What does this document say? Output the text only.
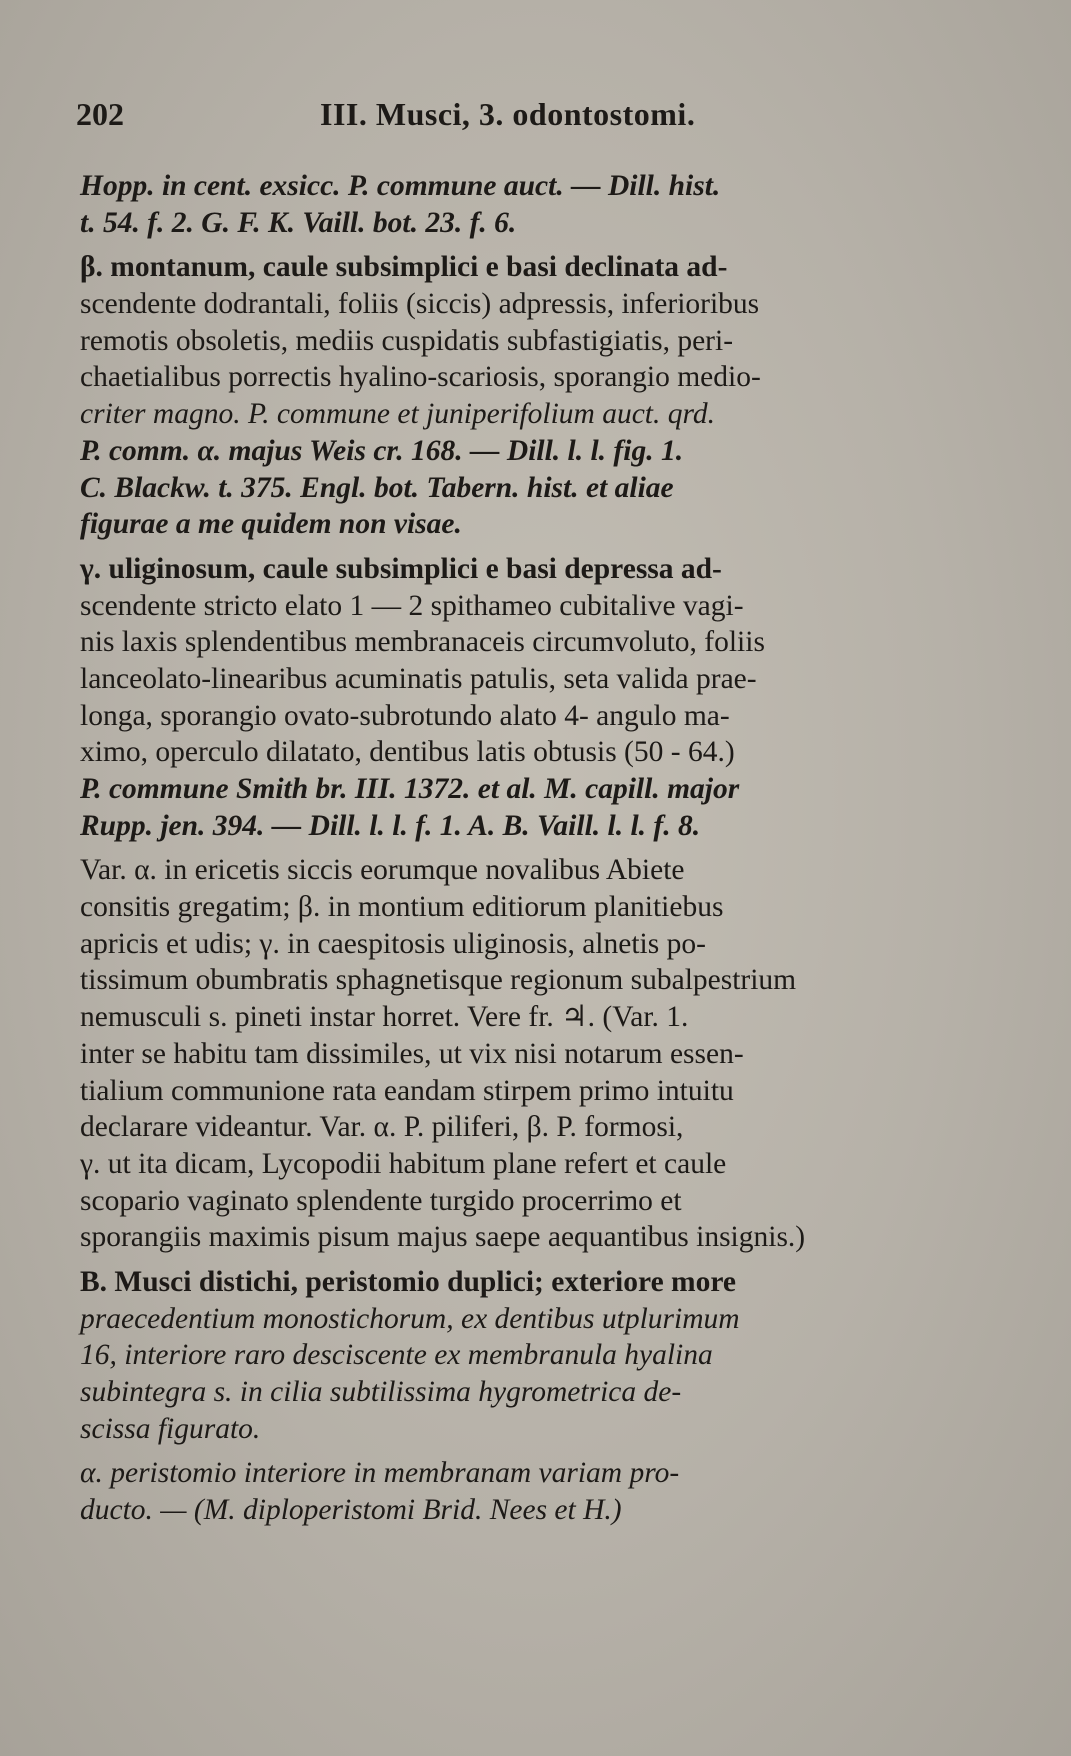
202	III. Musci, 3. odontostomi.
Hopp. in cent. exsicc. P. commune auct. — Dill. hist.
t. 54. f. 2. G. F. K. Vaill. bot. 23. f. 6.
β. montanum, caule subsimplici e basi declinata ad-
scendente dodrantali, foliis (siccis) adpressis, inferioribus
remotis obsoletis, mediis cuspidatis subfastigiatis, peri-
chaetialibus porrectis hyalino-scariosis, sporangio medio-
criter magno. P. commune et juniperifolium auct. qrd.
P. comm. α. majus Weis cr. 168. — Dill. l. l. fig. 1.
C. Blackw. t. 375. Engl. bot. Tabern. hist. et aliae
figurae a me quidem non visae.
γ. uliginosum, caule subsimplici e basi depressa ad-
scendente stricto elato 1 — 2 spithameo cubitalive vagi-
nis laxis splendentibus membranaceis circumvoluto, foliis
lanceolato-linearibus acuminatis patulis, seta valida prae-
longa, sporangio ovato-subrotundo alato 4- angulo ma-
ximo, operculo dilatato, dentibus latis obtusis (50 - 64.)
P. commune Smith br. III. 1372. et al. M. capill. major
Rupp. jen. 394. — Dill. l. l. f. 1. A. B. Vaill. l. l. f. 8.
Var. α. in ericetis siccis eorumque novalibus Abiete
consitis gregatim; β. in montium editiorum planitiebus
apricis et udis; γ. in caespitosis uliginosis, alnetis po-
tissimum obumbratis sphagnetisque regionum subalpestrium
nemusculi s. pineti instar horret. Vere fr. ♃. (Var. 1.
inter se habitu tam dissimiles, ut vix nisi notarum essen-
tialium communione rata eandam stirpem primo intuitu
declarare videantur. Var. α. P. piliferi, β. P. formosi,
γ. ut ita dicam, Lycopodii habitum plane refert et caule
scopario vaginato splendente turgido procerrimo et
sporangiis maximis pisum majus saepe aequantibus insignis.)
B. Musci distichi, peristomio duplici; exteriore more
praecedentium monostichorum, ex dentibus utplurimum
16, interiore raro desciscente ex membranula hyalina
subintegra s. in cilia subtilissima hygrometrica de-
scissa figurato.
α. peristomio interiore in membranam variam pro-
ducto. — (M. diploperistomi Brid. Nees et H.)
